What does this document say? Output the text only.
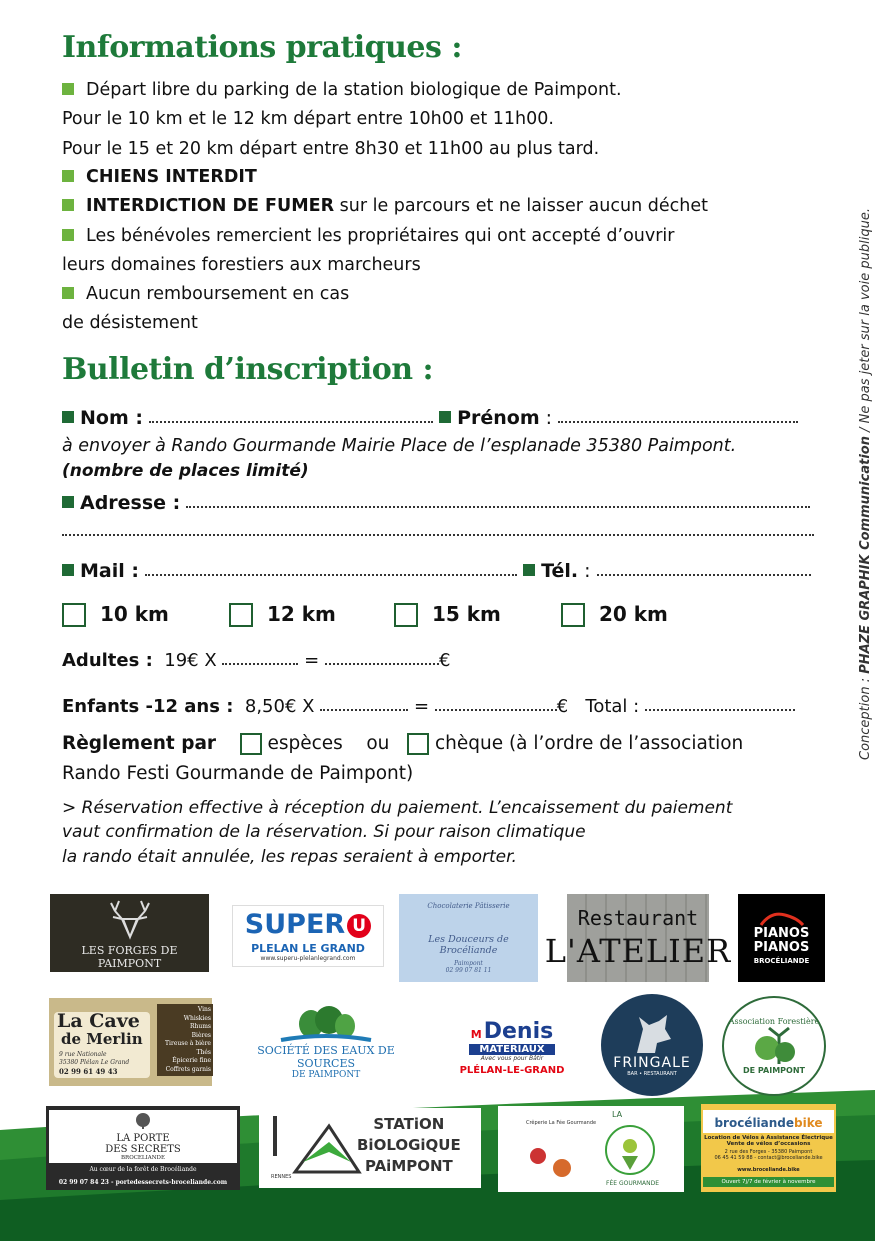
Informations pratiques :
Départ libre du parking de la station biologique de Paimpont.
Pour le 10 km et le 12 km départ entre 10h00 et 11h00.
Pour le 15 et 20 km départ entre 8h30 et 11h00 au plus tard.
CHIENS INTERDIT
INTERDICTION DE FUMER sur le parcours et ne laisser aucun déchet
Les bénévoles remercient les propriétaires qui ont accepté d’ouvrir
leurs domaines forestiers aux marcheurs
Aucun remboursement en cas
de désistement
Bulletin d’inscription :
Nom :	Prénom :
à envoyer à Rando Gourmande Mairie Place de l’esplanade 35380 Paimpont.
(nombre de places limité)
Adresse :
Mail :	Tél. :
10 km	12 km	15 km	20 km
Adultes : 19€ X	=	€
Enfants -12 ans : 8,50€ X	=	€ Total :
Règlement par	espèces ou chèque (à l’ordre de l’association
Rando Festi Gourmande de Paimpont)
> Réservation effective à réception du paiement. L’encaissement du paiement
vaut confirmation de la réservation. Si pour raison climatique
la rando était annulée, les repas seraient à emporter.
Conception : PHAZE GRAPHIK Communication / Ne pas jeter sur la voie publique.
LES FORGES DE PAIMPONT
SUPER U
PLELAN LE GRAND
www.superu-plelanlegrand.com
Chocolaterie Pâtisserie
Les Douceurs de Brocéliande
Paimpont
02 99 07 81 11
Restaurant
L'ATELIER PIANOS
PIANOS
BROCÉLIANDE
La Cave
de Merlin
9 rue Nationale
35380 Plélan Le Grand
02 99 61 49 43
Vins
Whiskies
Rhums
Bières
Tireuse à bière
Thés
Épicerie fine
Coffrets garnis
SOCIÉTÉ DES EAUX DE SOURCES
DE PAIMPONT
MDenis
MATERIAUX
Avec vous pour Bâtir
PLÉLAN-LE-GRAND	FRINGALE
BAR • RESTAURANT
Association Forestière
DE PAIMPONT
LA PORTE
DES SECRETS
BROCELIANDE
Au cœur de la forêt de Brocéliande
02 99 07 84 23 - portedessecrets-broceliande.com
RENNES
STATiON
BiOLOGiQUE
PAiMPONT
Crêperie La Fée Gourmande
LA
FÉE GOURMANDE
brocéliandebike
Location de Vélos à Assistance Électrique
Vente de vélos d’occasions
2 rue des Forges - 35380 Paimpont
06 45 41 59 88 - contact@broceliande.bike
www.broceliande.bike
Ouvert 7j/7 de février à novembre
